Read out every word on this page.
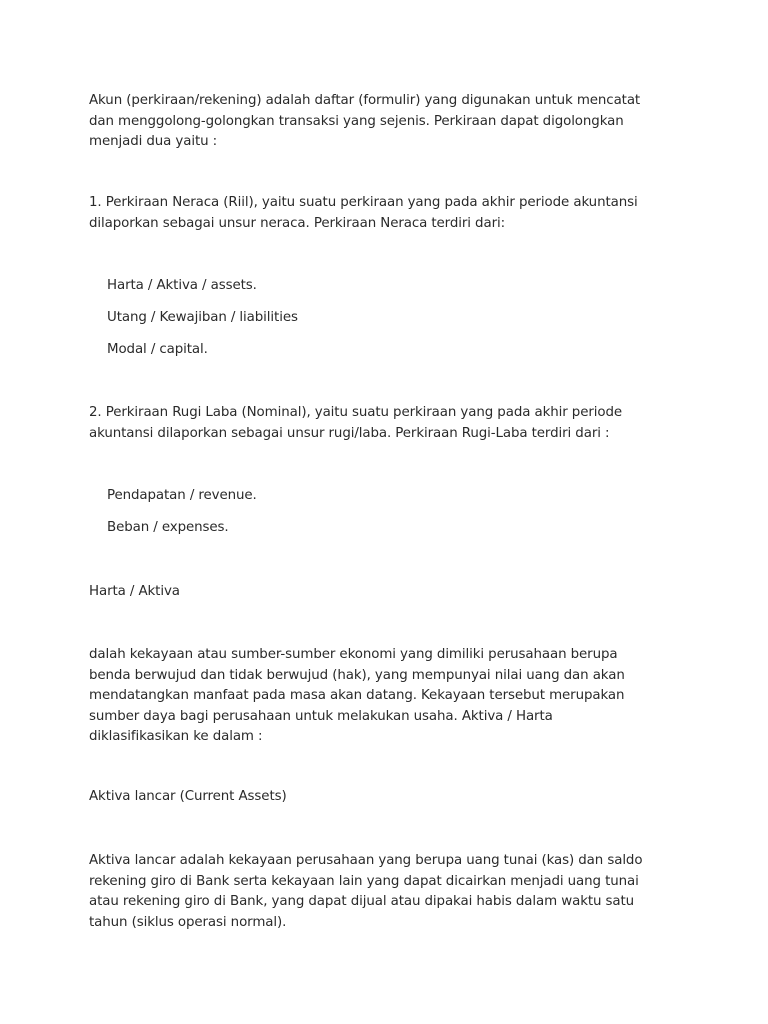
Akun (perkiraan/rekening) adalah daftar (formulir) yang digunakan untuk mencatat
dan menggolong-golongkan transaksi yang sejenis. Perkiraan dapat digolongkan
menjadi dua yaitu :

1. Perkiraan Neraca (Riil), yaitu suatu perkiraan yang pada akhir periode akuntansi
dilaporkan sebagai unsur neraca. Perkiraan Neraca terdiri dari:

Harta / Aktiva / assets.
Utang / Kewajiban / liabilities
Modal / capital.

2. Perkiraan Rugi Laba (Nominal), yaitu suatu perkiraan yang pada akhir periode
akuntansi dilaporkan sebagai unsur rugi/laba. Perkiraan Rugi-Laba terdiri dari :

Pendapatan / revenue.
Beban / expenses.
Harta / Aktiva

dalah kekayaan atau sumber-sumber ekonomi yang dimiliki perusahaan berupa
benda berwujud dan tidak berwujud (hak), yang mempunyai nilai uang dan akan
mendatangkan manfaat pada masa akan datang. Kekayaan tersebut merupakan
sumber daya bagi perusahaan untuk melakukan usaha. Aktiva / Harta
diklasifikasikan ke dalam :

Aktiva lancar (Current Assets)

Aktiva lancar adalah kekayaan perusahaan yang berupa uang tunai (kas) dan saldo
rekening giro di Bank serta kekayaan lain yang dapat dicairkan menjadi uang tunai
atau rekening giro di Bank, yang dapat dijual atau dipakai habis dalam waktu satu
tahun (siklus operasi normal).
